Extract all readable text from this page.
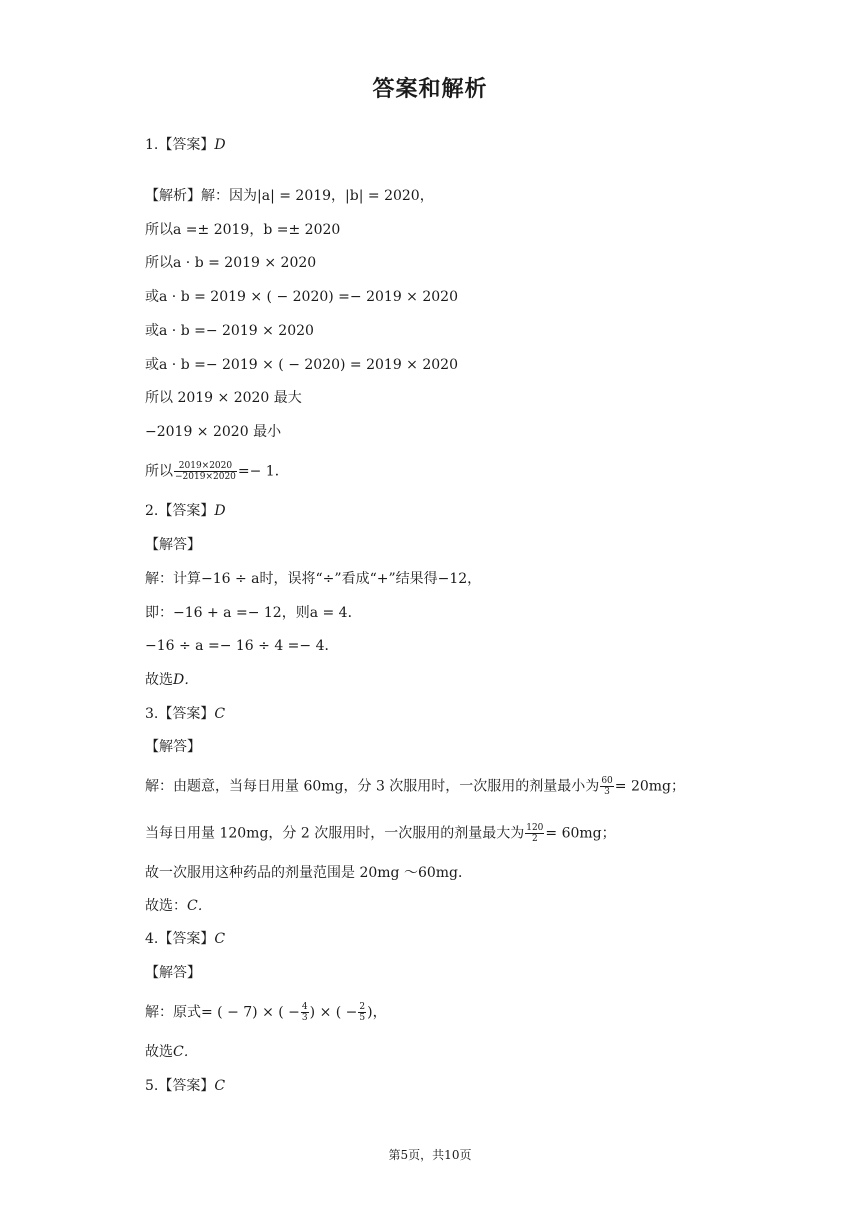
答案和解析
1.【答案】D
【解析】解：因为|a| = 2019，|b| = 2020，
所以a =± 2019，b =± 2020
所以a · b = 2019 × 2020
或a · b = 2019 × ( − 2020) =− 2019 × 2020
或a · b =− 2019 × 2020
或a · b =− 2019 × ( − 2020) = 2019 × 2020
所以 2019 × 2020 最大
−2019 × 2020 最小
所以 $\frac{2019\times 2020}{-2019\times 2020} =- 1$．
2.【答案】D
【解答】
解：计算−16 ÷ a时，误将“÷”看成“+”结果得−12，
即：−16 + a =− 12，则a = 4．
−16 ÷ a =− 16 ÷ 4 =− 4．
故选D．
3.【答案】C
【解答】
解：由题意，当每日用量 60mg，分 3 次服用时，一次服用的剂量最小为 $\frac{60}{3} = 20mg$；
当每日用量 120mg，分 2 次服用时，一次服用的剂量最大为 $\frac{120}{2} = 60mg$；
故一次服用这种药品的剂量范围是 20mg ～60mg．
故选：C．
4.【答案】C
【解答】
解：原式= ( − 7) × ( − $\frac{4}{3}$ ) × ( − $\frac{2}{5}$ )，
故选C．
5.【答案】C
第5页，共10页
